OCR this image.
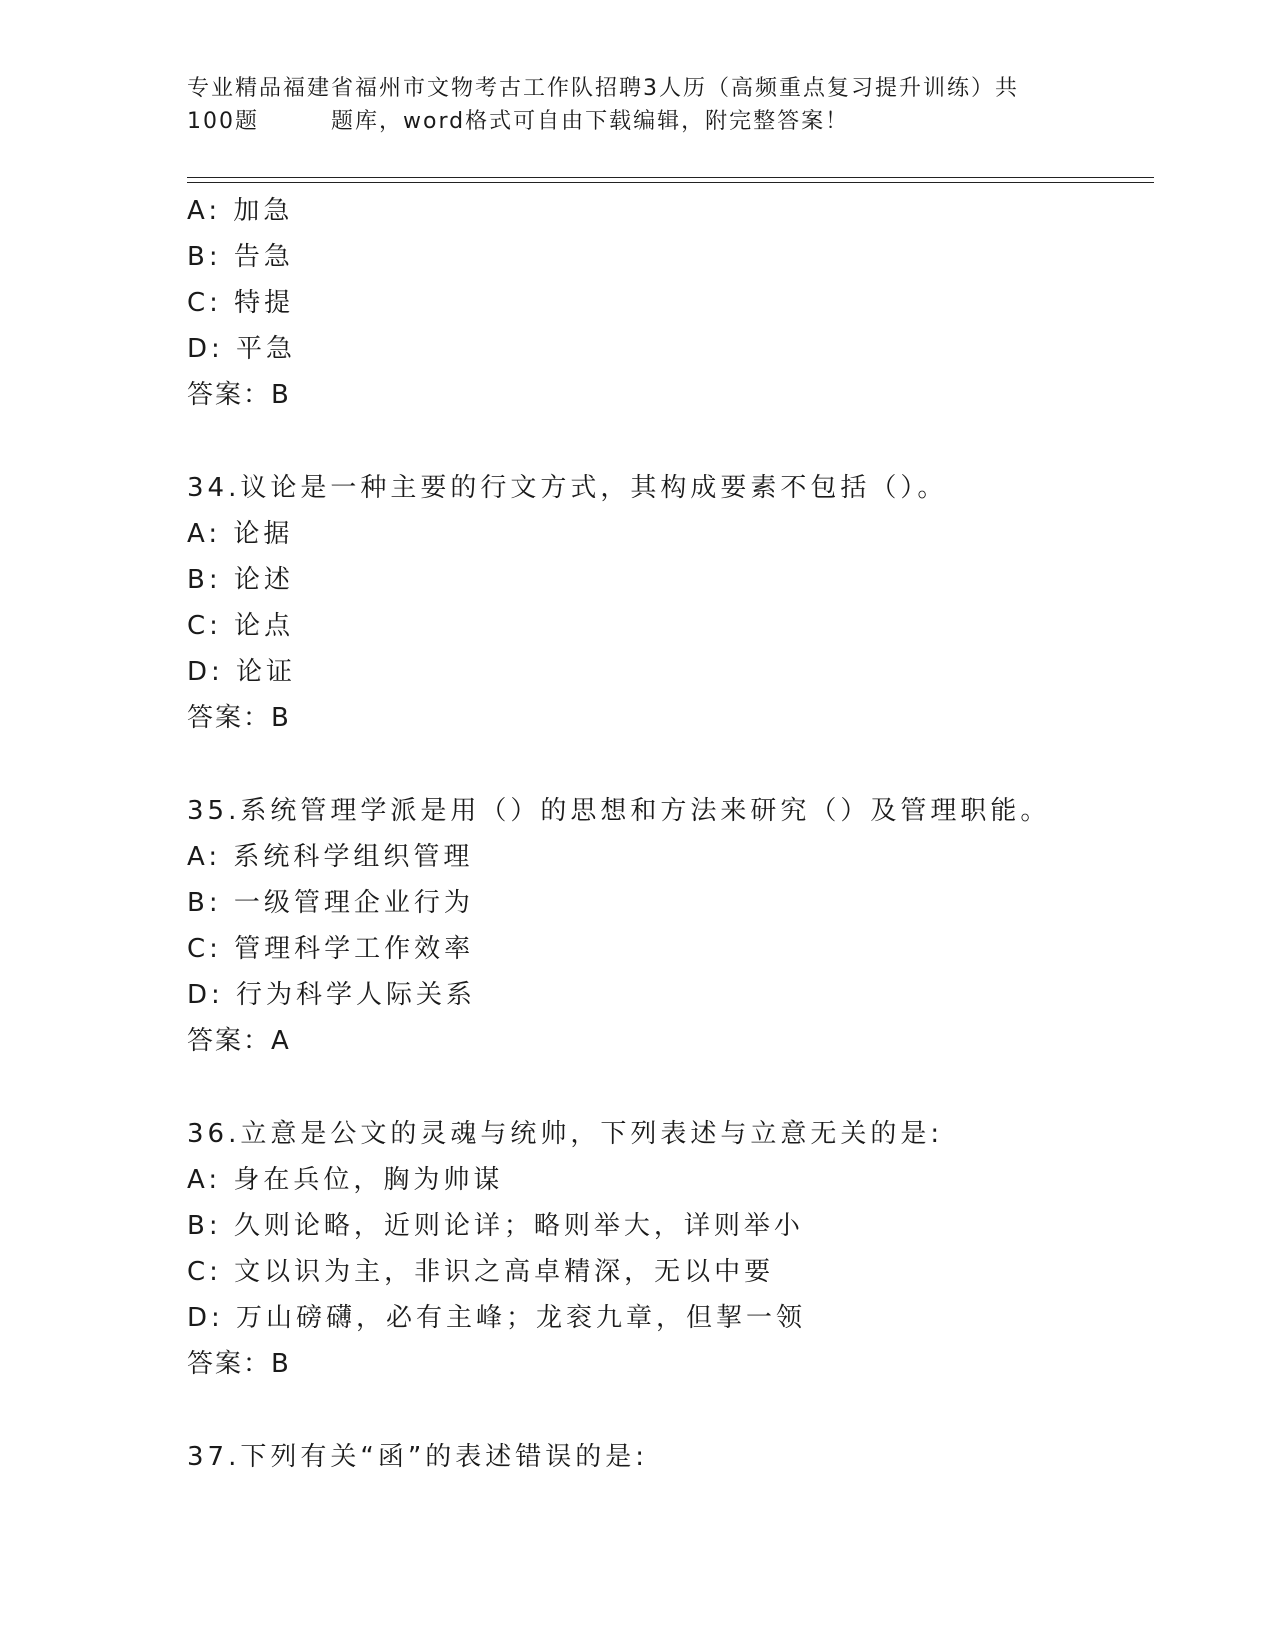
专业精品福建省福州市文物考古工作队招聘3人历（高频重点复习提升训练）共
100题	题库，word格式可自由下载编辑，附完整答案！
A: 加急
B: 告急
C: 特提
D: 平急
答案：B
34.议论是一种主要的行文方式，其构成要素不包括（）。
A: 论据
B: 论述
C: 论点
D: 论证
答案：B
35.系统管理学派是用（）的思想和方法来研究（）及管理职能。
A: 系统科学组织管理
B: 一级管理企业行为
C: 管理科学工作效率
D: 行为科学人际关系
答案：A
36.立意是公文的灵魂与统帅，下列表述与立意无关的是:
A: 身在兵位，胸为帅谋
B: 久则论略，近则论详；略则举大，详则举小
C: 文以识为主，非识之高卓精深，无以中要
D: 万山磅礴，必有主峰；龙衮九章，但挈一领
答案：B
37.下列有关“函”的表述错误的是:
